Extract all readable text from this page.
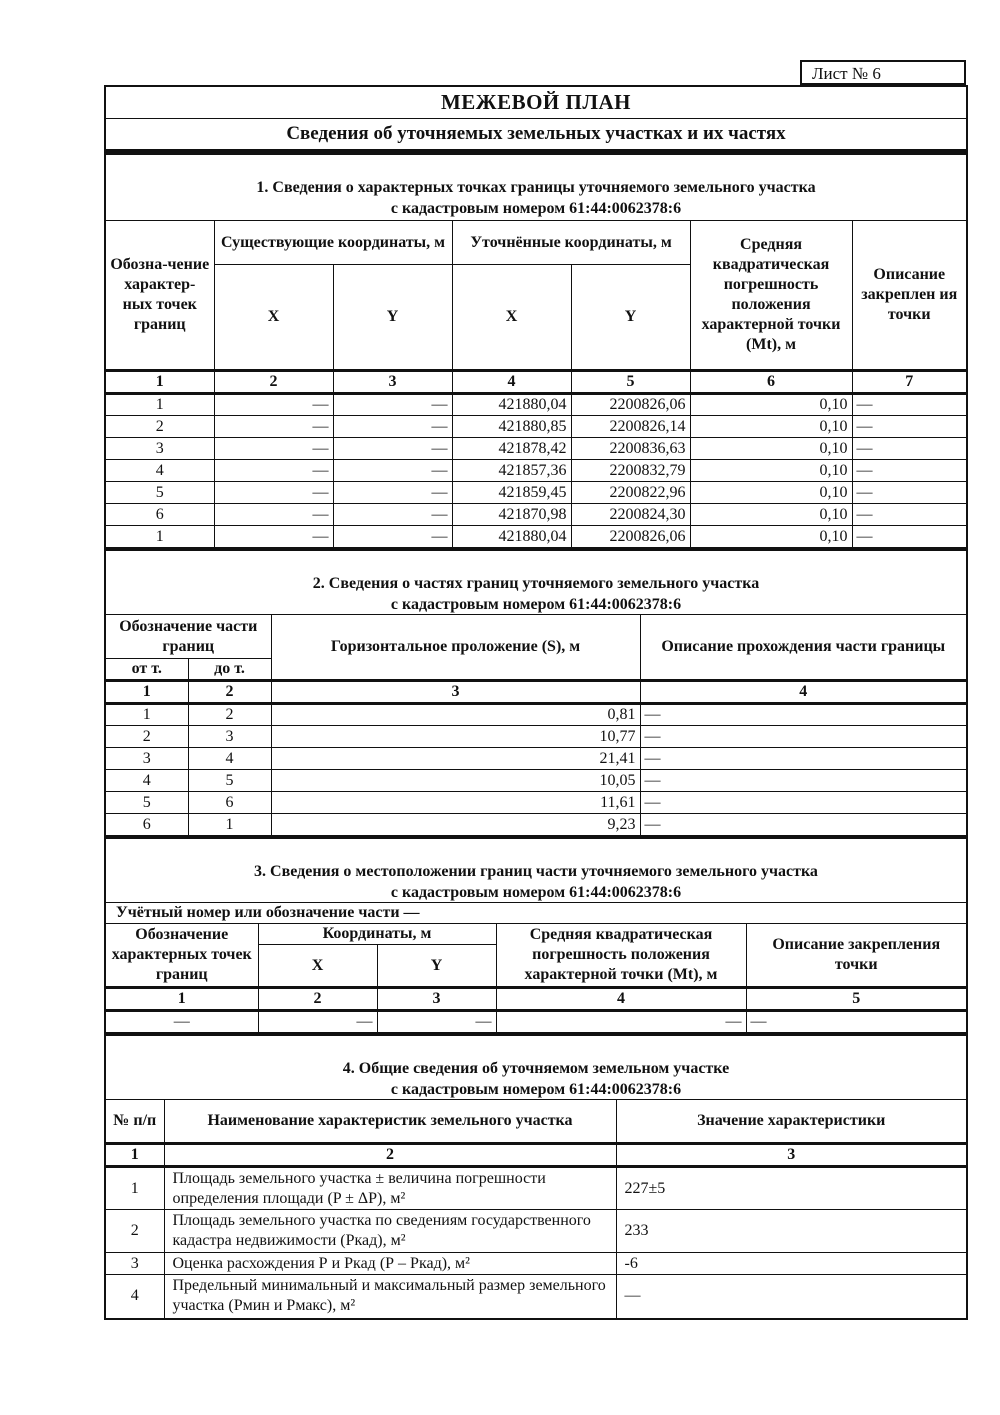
Лист № 6
МЕЖЕВОЙ ПЛАН
Сведения об уточняемых земельных участках и их частях
1. Сведения о характерных точках границы уточняемого земельного участка
с кадастровым номером 61:44:0062378:6
Обозна-чение характер-ных точек границ	Существующие координаты, м		Уточнённые координаты, м		Средняя квадратическая погрешность положения характерной точки (Mt), м	Описание закреплен ия точки
	X	Y	X	Y		
1	2	3	4	5	6	7
1	—	—	421880,04	2200826,06	0,10	—
2	—	—	421880,85	2200826,14	0,10	—
3	—	—	421878,42	2200836,63	0,10	—
4	—	—	421857,36	2200832,79	0,10	—
5	—	—	421859,45	2200822,96	0,10	—
6	—	—	421870,98	2200824,30	0,10	—
1	—	—	421880,04	2200826,06	0,10	—
2. Сведения о частях границ уточняемого земельного участка
с кадастровым номером 61:44:0062378:6
Обозначение части границ		Горизонтальное проложение (S), м	Описание прохождения части границы
от т.	до т.		
1	2	3	4
1	2	0,81	—
2	3	10,77	—
3	4	21,41	—
4	5	10,05	—
5	6	11,61	—
6	1	9,23	—
3. Сведения о местоположении границ части уточняемого земельного участка
с кадастровым номером 61:44:0062378:6
Учётный номер или обозначение части —				
Обозначение характерных точек границ	Координаты, м		Средняя квадратическая погрешность положения характерной точки (Mt), м	Описание закрепления точки
	X	Y		
1	2	3	4	5
—	—	—	—	—
4. Общие сведения об уточняемом земельном участке
с кадастровым номером 61:44:0062378:6
№ п/п	Наименование характеристик земельного участка	Значение характеристики
1	2	3
1	Площадь земельного участка ± величина погрешности определения площади (P ± ΔP), м²	227±5
2	Площадь земельного участка по сведениям государственного кадастра недвижимости (Ркад), м²	233
3	Оценка расхождения Р и Ркад (Р – Ркад), м²	-6
4	Предельный минимальный и максимальный размер земельного участка (Рмин и Рмакс), м²	—
